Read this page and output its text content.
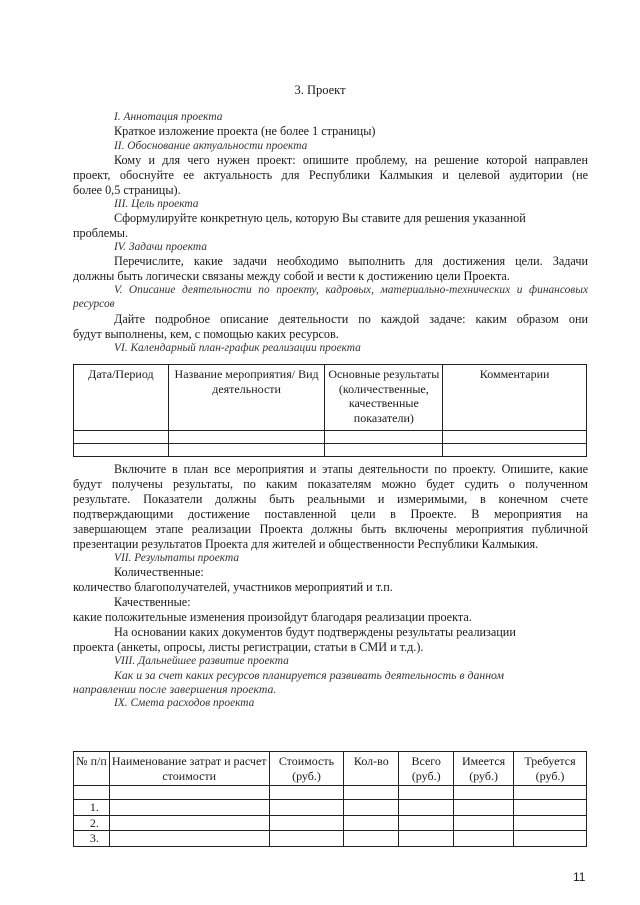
3. Проект
I. Аннотация проекта
Краткое изложение проекта (не более 1 страницы)
II. Обоснование актуальности проекта
Кому и для чего нужен проект: опишите проблему, на решение которой направлен
проект, обоснуйте ее актуальность для Республики Калмыкия и целевой аудитории (не
более 0,5 страницы).
III. Цель проекта
Сформулируйте конкретную цель, которую Вы ставите для решения указанной
проблемы.
IV. Задачи проекта
Перечислите, какие задачи необходимо выполнить для достижения цели. Задачи
должны быть логически связаны между собой и вести к достижению цели Проекта.
V. Описание деятельности по проекту, кадровых, материально-технических и финансовых
ресурсов
Дайте подробное описание деятельности по каждой задаче: каким образом они
будут выполнены, кем, с помощью каких ресурсов.
VI. Календарный план-график реализации проекта
Дата/Период	Название мероприятия/ Вид деятельности	Основные результаты (количественные, качественные показатели)	Комментарии

Включите в план все мероприятия и этапы деятельности по проекту. Опишите, какие
будут получены результаты, по каким показателям можно будет судить о полученном
результате. Показатели должны быть реальными и измеримыми, в конечном счете
подтверждающими достижение поставленной цели в Проекте. В мероприятия на
завершающем этапе реализации Проекта должны быть включены мероприятия публичной
презентации результатов Проекта для жителей и общественности Республики Калмыкия.
VII. Результаты проекта
Количественные:
количество благополучателей, участников мероприятий и т.п.
Качественные:
какие положительные изменения произойдут благодаря реализации проекта.
На основании каких документов будут подтверждены результаты реализации
проекта (анкеты, опросы, листы регистрации, статьи в СМИ и т.д.).
VIII. Дальнейшее развитие проекта
Как и за счет каких ресурсов планируется развивать деятельность в данном
направлении после завершения проекта.
IX. Смета расходов проекта
№ п/п	Наименование затрат и расчет стоимости	Стоимость (руб.)	Кол-во	Всего (руб.)	Имеется (руб.)	Требуется (руб.)

1.						
2.						
3.						
11
